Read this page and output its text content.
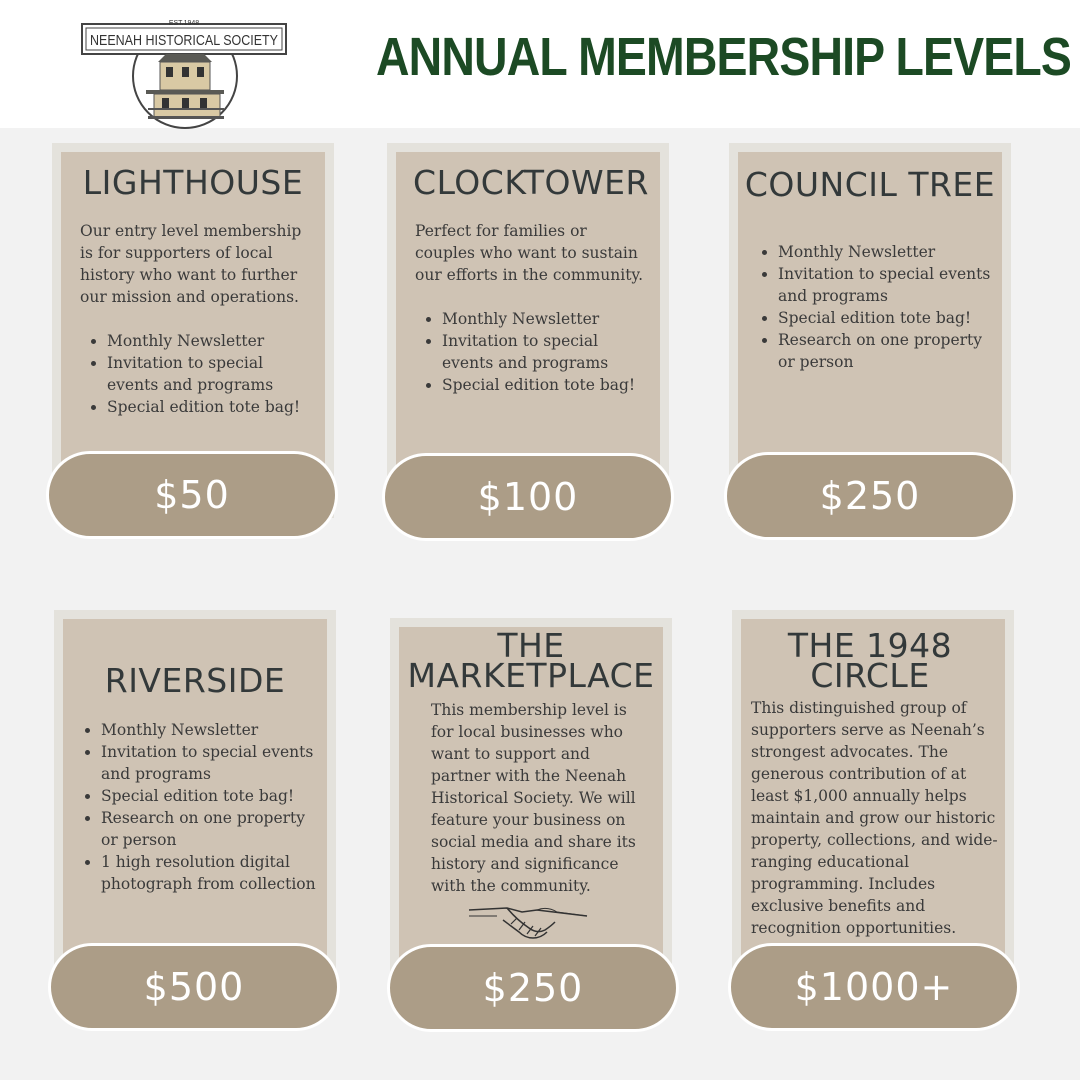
EST.1948
NEENAH HISTORICAL SOCIETY ANNUAL MEMBERSHIP LEVELS
LIGHTHOUSE

Our entry level membership is for supporters of local history who want to further our mission and operations.

• Monthly Newsletter
• Invitation to special events and programs
• Special edition tote bag!
$50
CLOCKTOWER

Perfect for families or couples who want to sustain our efforts in the community.

• Monthly Newsletter
• Invitation to special events and programs
• Special edition tote bag!
$100
COUNCIL TREE
• Monthly Newsletter
• Invitation to special events and programs
• Special edition tote bag!
• Research on one property or person
$250
RIVERSIDE
• Monthly Newsletter
• Invitation to special events and programs
• Special edition tote bag!
• Research on one property or person
• 1 high resolution digital photograph from collection
$500
THE
MARKETPLACE

This membership level is for local businesses who want to support and partner with the Neenah Historical Society. We will feature your business on social media and share its history and significance with the community.

$250
THE 1948
CIRCLE

This distinguished group of supporters serve as Neenah’s strongest advocates. The generous contribution of at least $1,000 annually helps maintain and grow our historic property, collections, and wide-ranging educational programming. Includes exclusive benefits and recognition opportunities.

$1000+
